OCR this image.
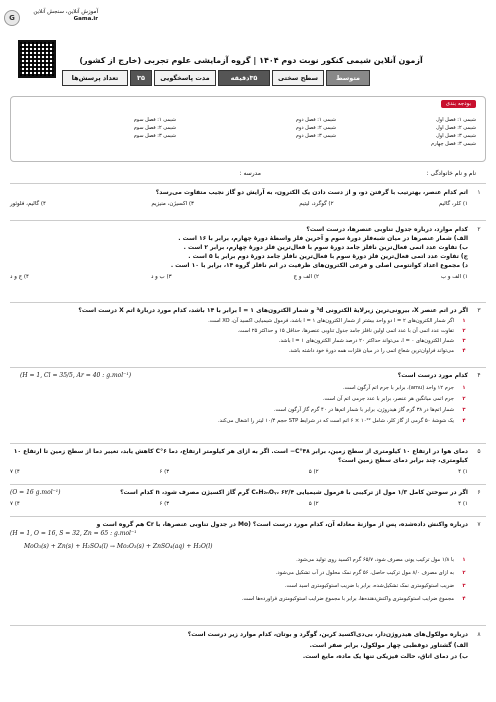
G
آموزش آنلاین، سنجش آنلاین
Gama.ir
آزمون آنلاین شیمی کنکور نوبت دوم ۱۴۰۴ | گروه آزمایشی علوم تجربی (خارج از کشور)
تعداد پرسش‌ها	۳۵	مدت پاسخگویی	۳۵دقیقه	سطح سختی	متوسط
بودجه بندی
شیمی ۱: فصل اول
شیمی ۲: فصل اول
شیمی ۳: فصل اول
شیمی ۳: فصل چهارم
شیمی ۱: فصل دوم
شیمی ۲: فصل دوم
شیمی ۳: فصل دوم
شیمی ۱: فصل سوم
شیمی ۲: فصل سوم
شیمی ۳: فصل سوم
نام و نام خانوادگی :
مدرسه :
۱
اتم کدام عنصر، بهترتیب با گرفتن دو، و از دست دادن یک الکترون، به آرایش دو گاز نجیب متفاوت می‌رسد؟
۱) کلر، گالیم
۲) گوگرد، لیتیم
۳) اکسیژن، منیزیم
۴) گالیم، فلوئور
۲
کدام موارد، درباره جدول تناوبی عنصرها، درست است؟
الف) شمار عنصرها در میان شبه‌فلز دورهٔ سوم و آخرین فلز واسطهٔ دورهٔ چهارم، برابر با ۱۶ است .
ب) تفاوت عدد اتمی فعال‌ترین نافلز جامد دورهٔ سوم با فعال‌ترین فلز دورهٔ چهارم، برابر ۲ است .
ج) تفاوت عدد اتمی فعال‌ترین فلز دورهٔ سوم با فعال‌ترین نافلز جامد دورهٔ دوم برابر با ۵ است .
د) مجموع اعداد کوانتومی اصلی و فرعی الکترون‌های ظرفیت در اتم نافلز گروه ۱۴، برابر با ۱۰ است .
۱) الف و ب
۲) الف و ج
۳) ب و د
۴) ج و د
۳
اگر در اتم عنصر X، بیرونی‌ترین زیرلایهٔ الکترونی ³d و شمار الکترون‌های l = ۱ برابر با ۱۴ باشد، کدام مورد دربارهٔ اتم X درست است؟
۱
اگر شمار الکترون‌های l = ۲ دو واحد بیشتر از شمار الکترون‌های l = ۱ باشد، فرمول شیمیایی اکسید آن، XO است.
۲
تفاوت عدد اتمی آن با عدد اتمی اولین نافلز جامد جدول تناوبی عنصرها، حداقل ۱۵ و حداکثر ۲۵ است.
۳
شمار الکترون‌های l = ۰، می‌تواند حداکثر ۲۰ درصد شمار الکترون‌های l = ۱ باشد.
۴
می‌تواند فراوان‌ترین شعاع اتمی را در میان فلزات همه دورهٔ خود داشته باشد.
۴
کدام مورد درست است؟
(H = 1, Cl = 35/5, Ar = 40 : g.mol⁻¹)
۱
جرم ۱۲ واحد (amu)، برابر با جرم اتم آرگون است.
۲
جرم اتمی میانگین هر عنصر، برابر با عدد جرمی اتم آن است.
۳
شمار اتم‌ها در ۳۸ گرم گاز هیدروژن، برابر با شمار اتم‌ها در ۴۰ گرم گاز آرگون است.
۴
یک شوشهٔ ۵۰ گرمی از گاز کلر، شامل ۱۰²² × ۶ اتم است که در شرایط STP حجم ۱۰/۴ لیتر را اشغال می‌کند.
۵
دمای هوا در ارتفاع ۱۰ کیلومتری از سطح زمین، برابر ۴۸°C− است. اگر به ازای هر کیلومتر ارتفاع، دما ۶°C کاهش یابد، تغییر دما از سطح زمین تا ارتفاع ۱۰ کیلومتری، چند برابر دمای سطح زمین است؟
۱) ۴
۲) ۵
۳) ۶
۴) ۷
۶
اگر در سوختن کامل ۱/۳ مول از ترکیبی با فرمول شیمیایی CₙH₂ₙOᵧ، ۶۲/۴ گرم گاز اکسیژن مصرف شود، n کدام است؟
(O = 16 g.mol⁻¹)
۱) ۴
۲) ۵
۳) ۶
۴) ۷
۷
درباره واکنش داده‌شده، پس از موازنهٔ معادله آن، کدام مورد درست است؟ (Mo در جدول تناوبی عنصرها، با Cr هم گروه است و
(H = 1, O = 16, S = 32, Zn = 65 : g.mol⁻¹
MoO₃(s) + Zn(s) + H₂SO₄(l) → Mo₂O₃(s) + ZnSO₄(aq) + H₂O(l)
۱
با ۱/۸ مول ترکیب یونی مصرف شود، ۶۵/۷ گرم اکسید روی تولید می‌شود.
۲
به ازای مصرف ۸/۰ مول ترکیب حاصل، ۵۶ گرم نمک محلول در آب تشکیل می‌شود.
۳
ضریب استوکیومتری نمک تشکیل‌شده، برابر با ضریب استوکیومتری اسید است.
۴
مجموع ضرایب استوکیومتری واکنش‌دهنده‌ها، برابر با مجموع ضرایب استوکیومتری فراورده‌ها است.
۸
درباره مولکول‌های هیدروژن‌دار، بی‌دی‌اکسید کربن، گوگرد و بوتان، کدام موارد زیر درست است؟
الف) گشتاور دوقطبی چهار مولکول، برابر صفر است.
ب) در دمای اتاق، حالت فیزیکی تنها یک ماده، مایع است.
